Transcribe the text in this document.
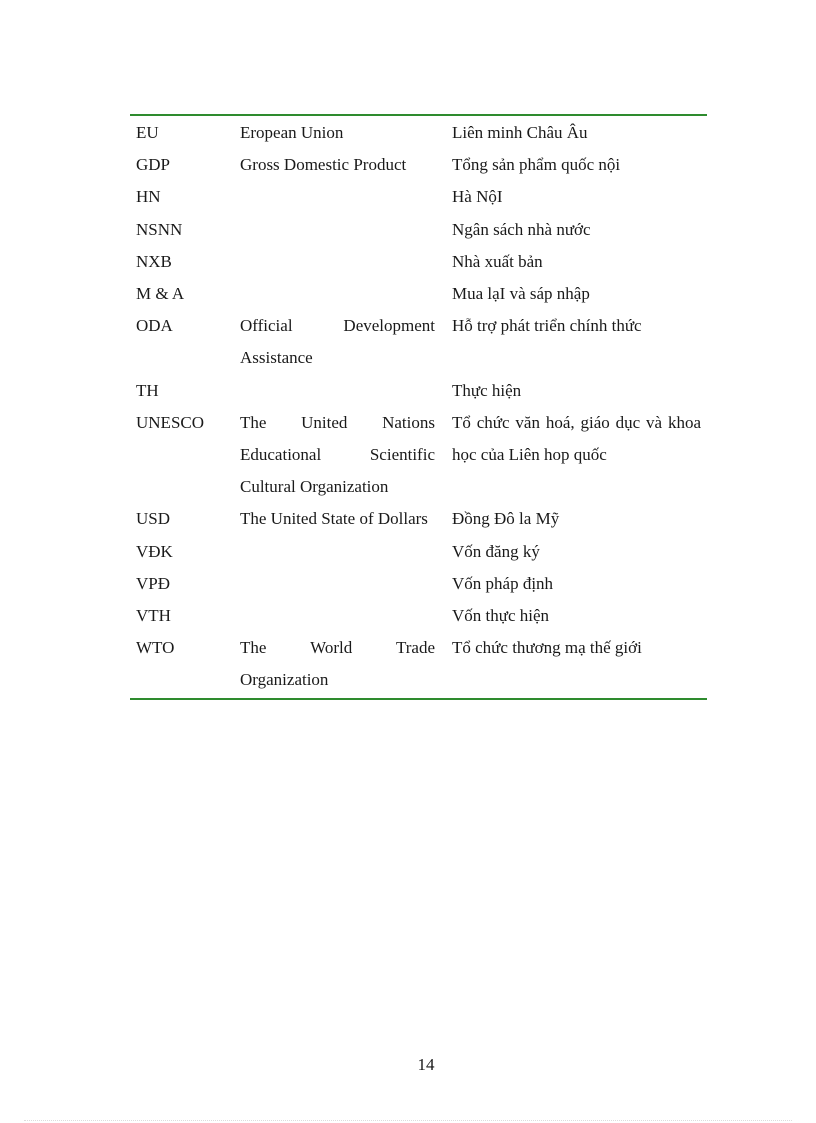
EU	Eropean Union	Liên minh Châu Âu
GDP	Gross Domestic Product	Tổng sản phẩm quốc nội
HN		Hà NộI
NSNN		Ngân sách nhà nước
NXB		Nhà xuất bản
M & A		Mua lạI và sáp nhập
ODA	Official Development Assistance	Hỗ trợ phát triển chính thức
TH		Thực hiện
UNESCO	The United Nations Educational Scientific Cultural Organization	Tổ chức văn hoá, giáo dục và khoa học của Liên hop quốc
USD	The United State of Dollars	Đồng Đô la Mỹ
VĐK		Vốn đăng ký
VPĐ		Vốn pháp định
VTH		Vốn thực hiện
WTO	The World Trade Organization	Tổ chức thương mạ thế giới
14
